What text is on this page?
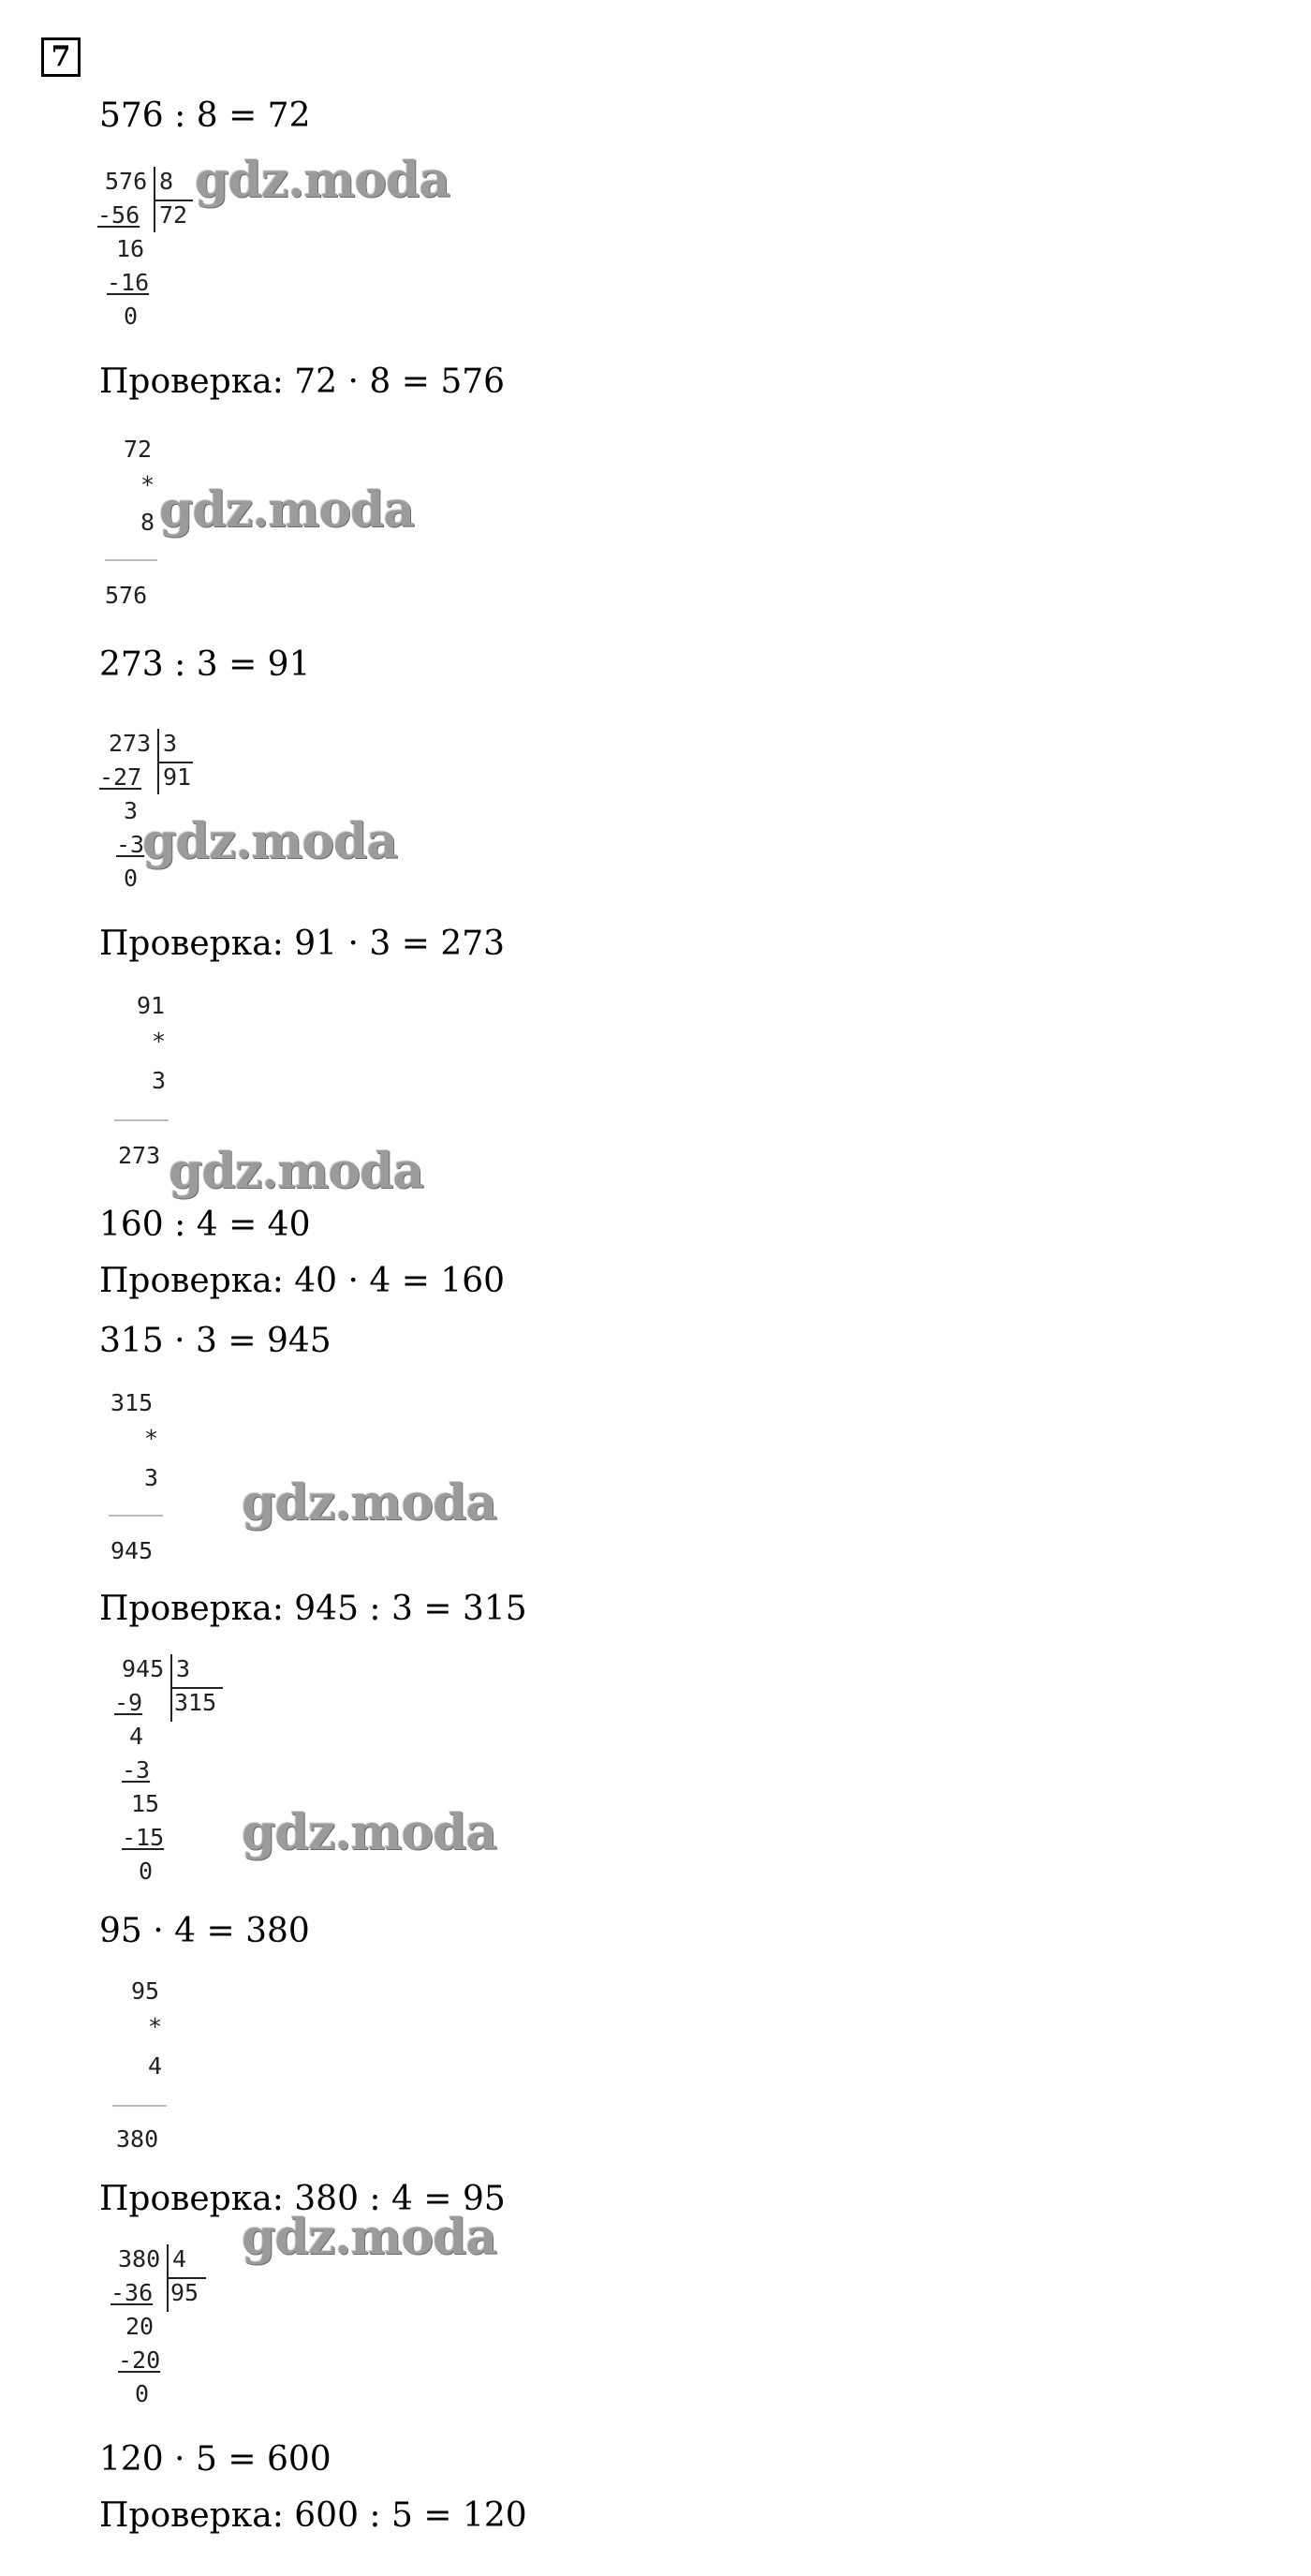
7
576 : 8 = 72
576 8
72
-56
16
-16
0
gdz.moda
Проверка: 72 · 8 = 576
72
*
8
576
gdz.moda
273 : 3 = 91
273 3
91
-27
3
-3
0
gdz.moda
Проверка: 91 · 3 = 273
91
*
3
273 gdz.moda
160 : 4 = 40
Проверка: 40 · 4 = 160
315 · 3 = 945
315
*
3
945
gdz.moda
Проверка: 945 : 3 = 315
945 3
315
-9
4
-3
15
-15
0
gdz.moda
95 · 4 = 380
95
*
4
380
Проверка: 380 : 4 = 95
gdz.moda
380 4
95
-36
20
-20
0
120 · 5 = 600
Проверка: 600 : 5 = 120
